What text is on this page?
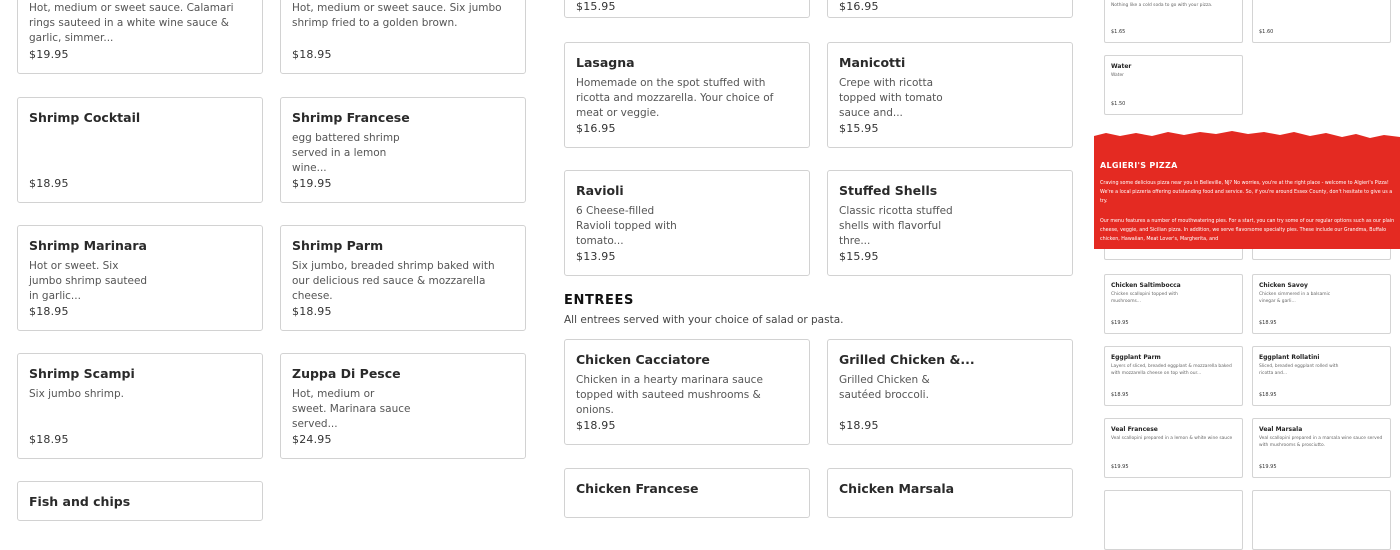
Hot, medium or sweet sauce. Calamari rings sauteed in a white wine sauce & garlic, simmer...
$19.95
Hot, medium or sweet sauce. Six jumbo shrimp fried to a golden brown.
$18.95
Shrimp Cocktail
$18.95
Shrimp Francese
egg battered shrimp served in a lemon wine...
$19.95
Shrimp Marinara
Hot or sweet. Six jumbo shrimp sauteed in garlic...
$18.95
Shrimp Parm
Six jumbo, breaded shrimp baked with our delicious red sauce & mozzarella cheese.
$18.95
Shrimp Scampi
Six jumbo shrimp.
$18.95
Zuppa Di Pesce
Hot, medium or sweet. Marinara sauce served...
$24.95
Fish and chips
$15.95	$16.95
Lasagna
Homemade on the spot stuffed with ricotta and mozzarella. Your choice of meat or veggie.
$16.95
Manicotti
Crepe with ricotta topped with tomato sauce and...
$15.95
Ravioli
6 Cheese-filled Ravioli topped with tomato...
$13.95
Stuffed Shells
Classic ricotta stuffed shells with flavorful thre...
$15.95
ENTREES
All entrees served with your choice of salad or pasta.
Chicken Cacciatore
Chicken in a hearty marinara sauce topped with sauteed mushrooms & onions.
$18.95
Grilled Chicken &...
Grilled Chicken & sautéed broccoli.
$18.95
Chicken Francese	Chicken Marsala
Nothing like a cold soda to go with your pizza.
$1.65	$1.60
Water
Water
$1.50
ALGIERI'S PIZZA
Craving some delicious pizza near you in Belleville, NJ? No worries, you're at the right place - welcome to Algieri's Pizza! We're a local pizzeria offering outstanding food and service. So, if you're around Essex County, don't hesitate to give us a try.
Our menu features a number of mouthwatering pies. For a start, you can try some of our regular options such as our plain cheese, veggie, and Sicilian pizza. In addition, we serve flavorsome specialty pies. These include our Grandma, Buffalo chicken, Hawaiian, Meat Lover's, Margherita, and
Chicken Saltimbocca
Chicken scallopini topped with mushrooms...
$19.95
Chicken Savoy
Chicken simmered in a balsamic vinegar & garli...
$18.95
Eggplant Parm
Layers of sliced, breaded eggplant & mozzarella baked with mozzarella cheese on top with our...
$18.95
Eggplant Rollatini
Sliced, breaded eggplant rolled with ricotta and...
$18.95
Veal Francese
Veal scallopini prepared in a lemon & white wine sauce
$19.95
Veal Marsala
Veal scallopini prepared in a marsala wine sauce served with mushrooms & prosciutto.
$19.95
